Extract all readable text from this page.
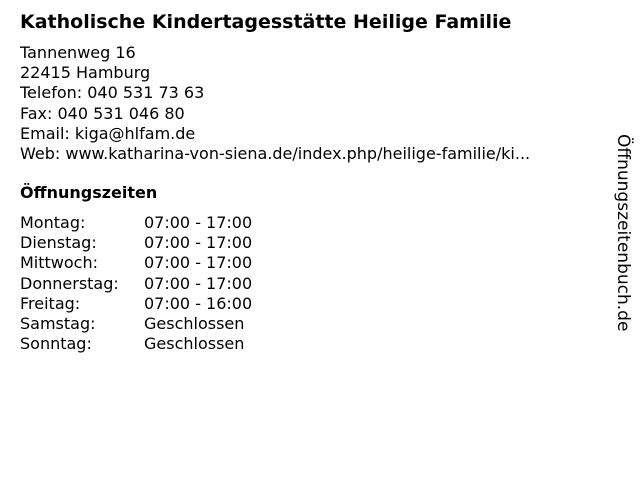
Katholische Kindertagesstätte Heilige Familie
Tannenweg 16
22415 Hamburg
Telefon: 040 531 73 63
Fax: 040 531 046 80
Email: kiga@hlfam.de
Web: www.katharina-von-siena.de/index.php/heilige-familie/ki...
Öffnungszeiten
Montag:	07:00 - 17:00
Dienstag:	07:00 - 17:00
Mittwoch:	07:00 - 17:00
Donnerstag:	07:00 - 17:00
Freitag:	07:00 - 16:00
Samstag:	Geschlossen
Sonntag:	Geschlossen
Öffnungszeitenbuch.de
